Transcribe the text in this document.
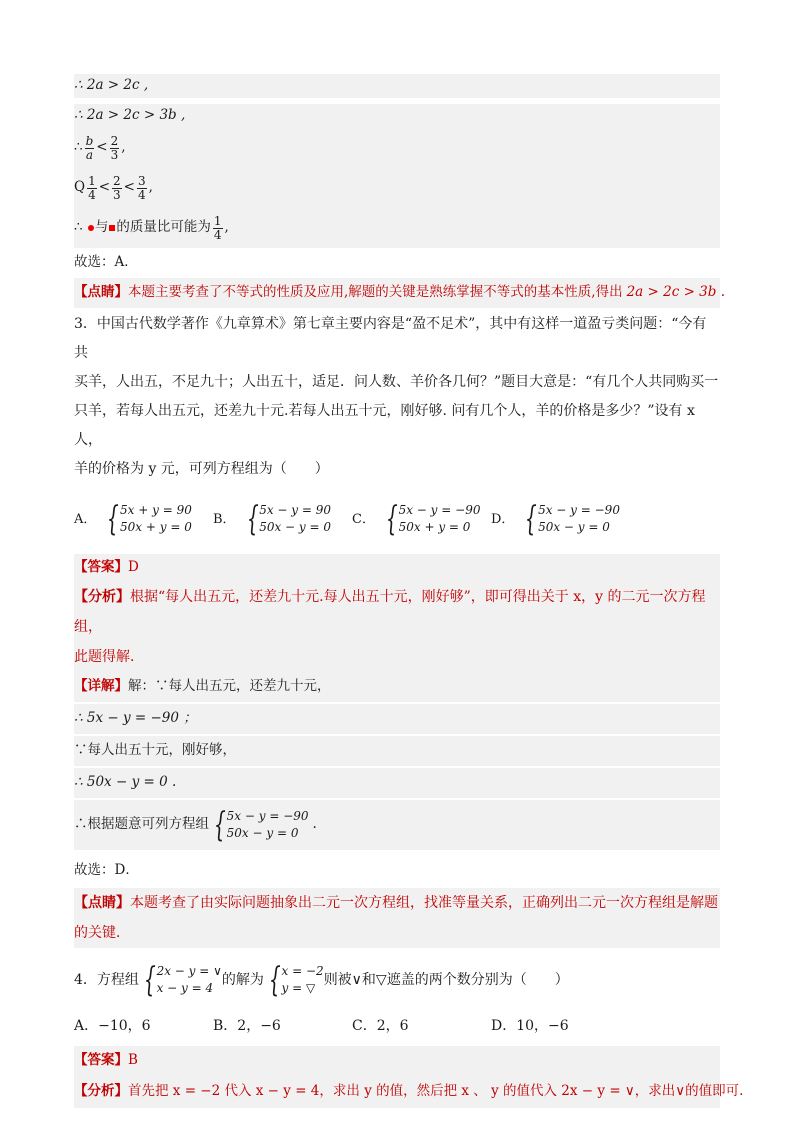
∴ 2a > 2c ,
∴ 2a > 2c > 3b ,
∴ $\frac{b}{a} < \frac{2}{3}$ ,
Q $\frac{1}{4} < \frac{2}{3} < \frac{3}{4}$ ,
∴
与 的质量比可能为 $\frac{1}{4}$ ,
故选：A．
【点睛】 本题主要考查了不等式的性质及应用,解题的关键是熟练掌握不等式的基本性质,得出 2a > 2c > 3b .
3．中国古代数学著作《九章算术》第七章主要内容是“盈不足术”，其中有这样一道盈亏类问题：“今有共
买羊，人出五，不足九十；人出五十，适足．问人数、羊价各几何？”题目大意是：“有几个人共同购买一
只羊，若每人出五元，还差九十元.若每人出五十元，刚好够. 问有几个人，羊的价格是多少？”设有 x 人，
羊的价格为 y 元，可列方程组为（　　）
A． { 5x + y = 90
50x + y = 0
B． { 5x − y = 90
50x − y = 0
C． { 5x − y = −90
50x + y = 0
D． { 5x − y = −90
50x − y = 0
【答案】 D
【分析】根据“每人出五元，还差九十元.每人出五十元，刚好够”，即可得出关于 x，y 的二元一次方程组，
此题得解．
【详解】 解：∵每人出五元，还差九十元，
∴ 5x − y = −90 ；
∵每人出五十元，刚好够，
∴ 50x − y = 0 .
∴根据题意可列方程组 { 5x − y = −90
50x − y = 0
.
故选：D．
【点睛】本题考查了由实际问题抽象出二元一次方程组，找准等量关系，正确列出二元一次方程组是解题
的关键．
4．方程组 { 2x − y = ∨
x − y = 4 的解为 { x = −2
y = ▽ 则被∨和▽遮盖的两个数分别为（　　）
A．−10，6	B．2，−6	C．2，6	D．10，−6
【答案】 B
【分析】 首先把 x = −2 代入 x − y = 4，求出 y 的值，然后把 x 、 y 的值代入 2x − y = ∨，求出∨的值即可.
